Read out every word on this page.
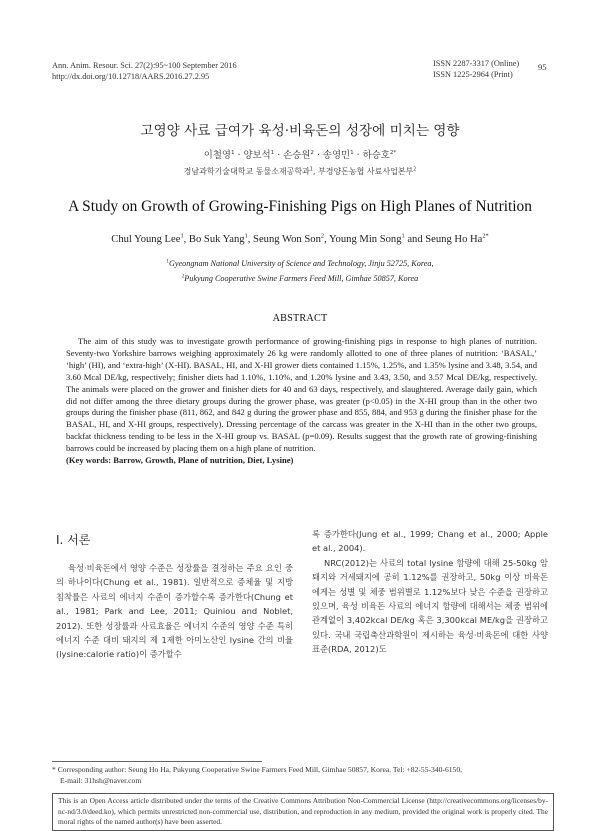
Ann. Anim. Resour. Sci. 27(2):95~100 September 2016
http://dx.doi.org/10.12718/AARS.2016.27.2.95
ISSN 2287-3317 (Online)
ISSN 1225-2964 (Print)
95
고영양 사료 급여가 육성·비육돈의 성장에 미치는 영향
이철영$^1$ · 양보석$^1$ · 손승원$^2$ · 송영민$^1$ · 하승호$^{2*}$
경남과학기술대학교 동물소재공학과$^1$, 부경양돈농협 사료사업본부$^2$
A Study on Growth of Growing-Finishing Pigs on High Planes of Nutrition
Chul Young Lee$^1$, Bo Suk Yang$^1$, Seung Won Son$^2$, Young Min Song$^1$ and Seung Ho $Ha^{2*}$
$^1$Gyeongnam National University of Science and Technology, Jinju 52725, Korea,
$^2$Pukyung Cooperative Swine Farmers Feed Mill, Gimhae 50857, Korea
ABSTRACT

The aim of this study was to investigate growth performance of growing-finishing pigs in response to high planes of nutrition. Seventy-two Yorkshire barrows weighing approximately 26 kg were randomly allotted to one of three planes of nutrition: ‘BASAL,’ ‘high’ (HI), and ‘extra-high’ (X-HI). BASAL, HI, and X-HI grower diets contained 1.15%, 1.25%, and 1.35% lysine and 3.48, 3.54, and 3.60 Mcal DE/kg, respectively; finisher diets had 1.10%, 1.10%, and 1.20% lysine and 3.43, 3.50, and 3.57 Mcal DE/kg, respectively. The animals were placed on the grower and finisher diets for 40 and 63 days, respectively, and slaughtered. Average daily gain, which did not differ among the three dietary groups during the grower phase, was greater (p<0.05) in the X-HI group than in the other two groups during the finisher phase (811, 862, and 842 g during the grower phase and 855, 884, and 953 g during the finisher phase for the BASAL, HI, and X-HI groups, respectively). Dressing percentage of the carcass was greater in the X-HI than in the other two groups, backfat thickness tending to be less in the X-HI group vs. BASAL (p=0.09). Results suggest that the growth rate of growing-finishing barrows could be increased by placing them on a high plane of nutrition.
(Key words: Barrow, Growth, Plane of nutrition, Diet, Lysine)

Ⅰ. 서론

육성·비육돈에서 영양 수준은 성장률을 결정하는 주요 요인 중의 하나이다(Chung et al., 1981). 일반적으로 증체율 및 지방 침착률은 사료의 에너지 수준이 증가할수록 증가한다(Chung et al., 1981; Park and Lee, 2011; Quiniou and Noblet, 2012). 또한 성장률과 사료효율은 에너지 수준의 영양 수준 특히 에너지 수준 대비 돼지의 제 1제한 아미노산인 lysine 간의 비율(lysine:calorie ratio)이 증가할수

록 증가한다(Jung et al., 1999; Chang et al., 2000; Apple et al., 2004).

NRC(2012)는 사료의 total lysine 함량에 대해 25-50kg 암퇘지와 거세돼지에 공히 1.12%를 권장하고, 50kg 이상 비육돈에게는 성별 및 체중 범위별로 1.12%보다 낮은 수준을 권장하고 있으며, 육성 비육돈 사료의 에너지 함량에 대해서는 체중 범위에 관계없이 3,402kcal DE/kg 혹은 3,300kcal ME/kg을 권장하고 있다. 국내 국립축산과학원이 제시하는 육성·비육돈에 대한 사양표준(RDA, 2012)도

* Corresponding author: Seung Ho Ha, Pukyung Cooperative Swine Farmers Feed Mill, Gimhae 50857, Korea. Tel: +82-55-340-6150,

E-mail: 31hsh@naver.com

This is an Open Access article distributed under the terms of the Creative Commons Attribution Non-Commercial License (http://creativecommons.org/licenses/by-nc-nd/3.0/deed.ko), which permits unrestricted non-commercial use, distribution, and reproduction in any medium, provided the original work is properly cited. The moral rights of the named author(s) have been asserted.
